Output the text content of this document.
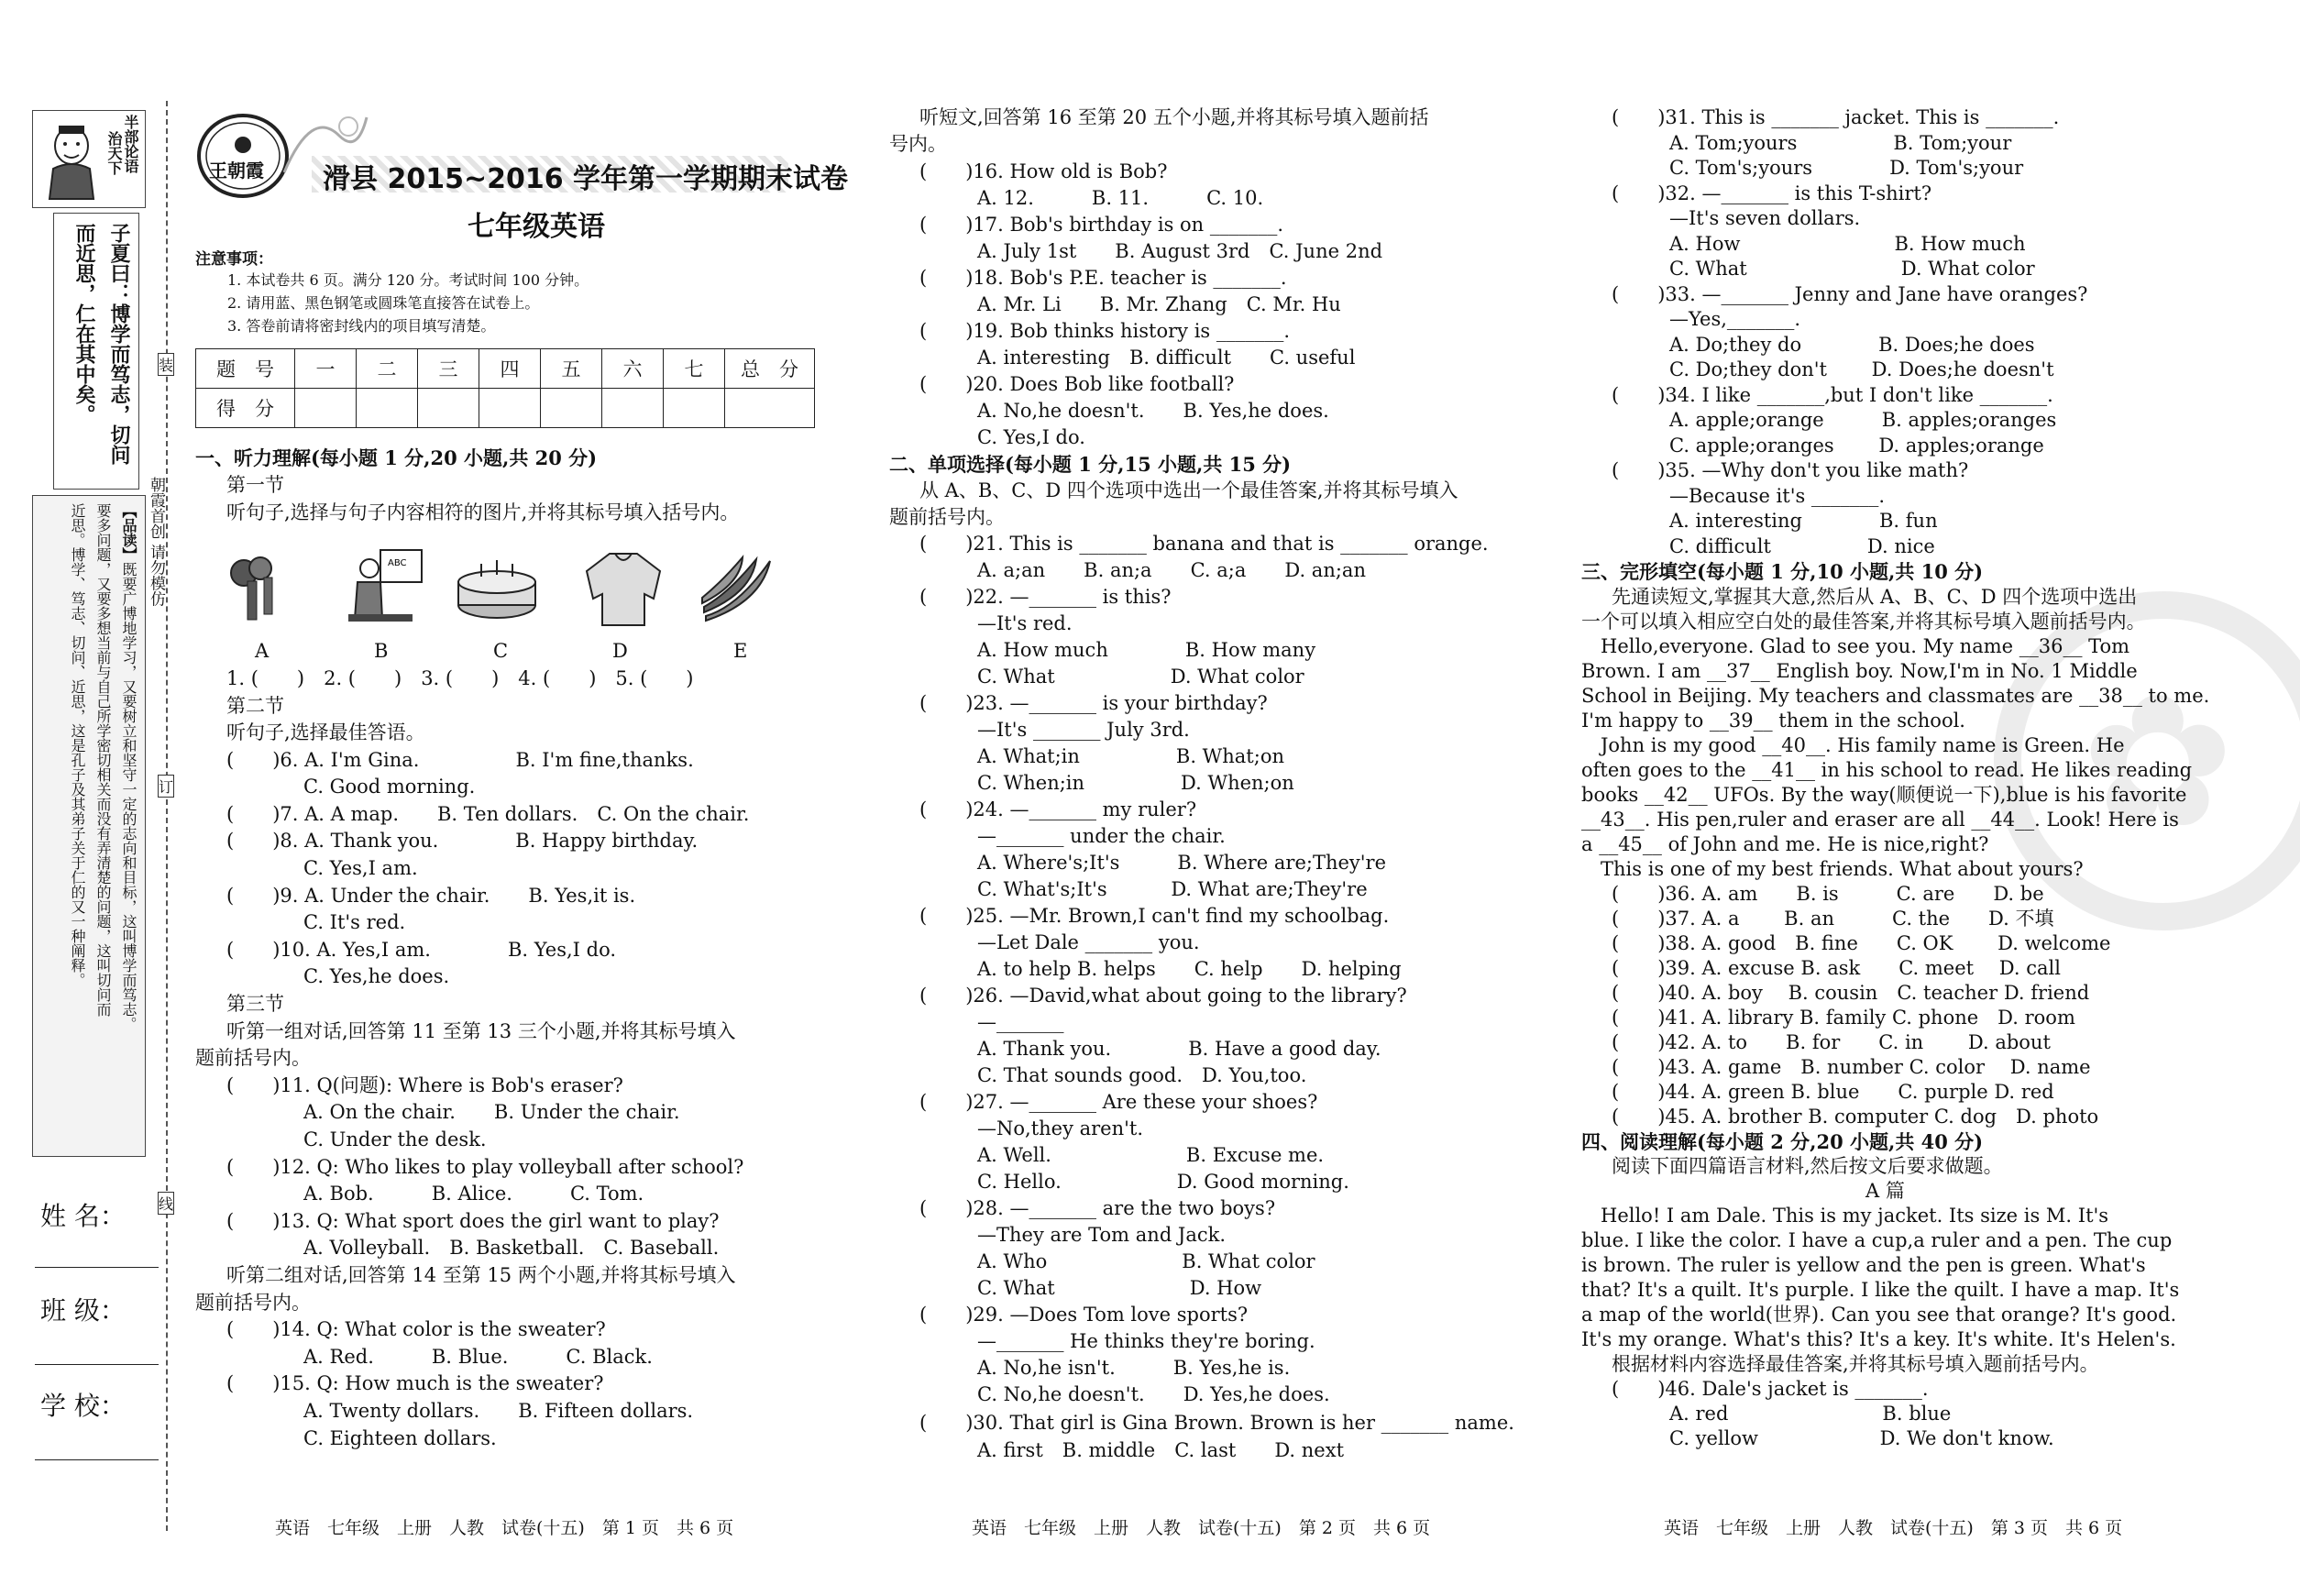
半部论语
治天下
子夏曰：博学而笃志，切问
而近思，仁在其中矣。
【品读】既要广博地学习，又要树立和坚守一定的志向和目标，这叫博学而笃志。
要多问题，又要多想当前与自己所学密切相关而没有弄清楚的问题，这叫切问而
近思。博学、笃志、切问、近思，这是孔子及其弟子关于仁的又一种阐释。	朝霞首创 请勿模仿
装
订
线
姓 名：
班 级：
学 校：
王朝霞 滑县 2015~2016 学年第一学期期末试卷
七年级英语
注意事项：
1. 本试卷共 6 页。满分 120 分。考试时间 100 分钟。
2. 请用蓝、黑色钢笔或圆珠笔直接答在试卷上。
3. 答卷前请将密封线内的项目填写清楚。
题　号	一	二	三	四	五	六	七	总　分
得　分								
一、听力理解(每小题 1 分,20 小题,共 20 分)
第一节
听句子,选择与句子内容相符的图片,并将其标号填入括号内。
ABC
A	B	C	D	E
1. (　　)　2. (　　)　3. (　　)　4. (　　)　5. (　　)
第二节
听句子,选择最佳答语。
(　　)6. A. I'm Gina.　　　　　B. I'm fine,thanks.
　　　　C. Good morning.
(　　)7. A. A map.　　B. Ten dollars.　C. On the chair.
(　　)8. A. Thank you.　　　　B. Happy birthday.
　　　　C. Yes,I am.
(　　)9. A. Under the chair.　　B. Yes,it is.
　　　　C. It's red.
(　　)10. A. Yes,I am.　　　　B. Yes,I do.
　　　　C. Yes,he does.
第三节
听第一组对话,回答第 11 至第 13 三个小题,并将其标号填入
题前括号内。
(　　)11. Q(问题): Where is Bob's eraser?
　　　　A. On the chair.　　B. Under the chair.
　　　　C. Under the desk.
(　　)12. Q: Who likes to play volleyball after school?
　　　　A. Bob.　　　B. Alice.　　　C. Tom.
(　　)13. Q: What sport does the girl want to play?
　　　　A. Volleyball.　B. Basketball.　C. Baseball.
听第二组对话,回答第 14 至第 15 两个小题,并将其标号填入
题前括号内。
(　　)14. Q: What color is the sweater?
　　　　A. Red.　　　B. Blue.　　　C. Black.
(　　)15. Q: How much is the sweater?
　　　　A. Twenty dollars.　　B. Fifteen dollars.
　　　　C. Eighteen dollars.
英语　七年级　上册　人教　试卷(十五)　第 1 页　共 6 页
听短文,回答第 16 至第 20 五个小题,并将其标号填入题前括
号内。
(　　)16. How old is Bob?
　　　A. 12.　　　B. 11.　　　C. 10.
(　　)17. Bob's birthday is on _______.
　　　A. July 1st　　B. August 3rd　C. June 2nd
(　　)18. Bob's P.E. teacher is _______.
　　　A. Mr. Li　　B. Mr. Zhang　C. Mr. Hu
(　　)19. Bob thinks history is _______.
　　　A. interesting　B. difficult　　C. useful
(　　)20. Does Bob like football?
　　　A. No,he doesn't.　　B. Yes,he does.
　　　C. Yes,I do.
二、单项选择(每小题 1 分,15 小题,共 15 分)
从 A、B、C、D 四个选项中选出一个最佳答案,并将其标号填入
题前括号内。
(　　)21. This is _______ banana and that is _______ orange.
　　　A. a;an　　B. an;a　　C. a;a　　D. an;an
(　　)22. —_______ is this?
　　　—It's red.
　　　A. How much　　　　B. How many
　　　C. What　　　　　　D. What color
(　　)23. —_______ is your birthday?
　　　—It's _______ July 3rd.
　　　A. What;in　　　　　B. What;on
　　　C. When;in　　　　　D. When;on
(　　)24. —_______ my ruler?
　　　—_______ under the chair.
　　　A. Where's;It's　　　B. Where are;They're
　　　C. What's;It's　　　 D. What are;They're
(　　)25. —Mr. Brown,I can't find my schoolbag.
　　　—Let Dale _______ you.
　　　A. to help B. helps　　C. help　　D. helping
(　　)26. —David,what about going to the library?
　　　—_______
　　　A. Thank you.　　　　B. Have a good day.
　　　C. That sounds good.　D. You,too.
(　　)27. —_______ Are these your shoes?
　　　—No,they aren't.
　　　A. Well.　　　　　　　B. Excuse me.
　　　C. Hello.　　　　　　D. Good morning.
(　　)28. —_______ are the two boys?
　　　—They are Tom and Jack.
　　　A. Who　　　　　　　B. What color
　　　C. What　　　　　　　D. How
(　　)29. —Does Tom love sports?
　　　—_______ He thinks they're boring.
　　　A. No,he isn't.　　　B. Yes,he is.
　　　C. No,he doesn't.　　D. Yes,he does.
(　　)30. That girl is Gina Brown. Brown is her _______ name.
　　　A. first　B. middle　C. last　　D. next
英语　七年级　上册　人教　试卷(十五)　第 2 页　共 6 页
✿
(　　)31. This is _______ jacket. This is _______.
　　　A. Tom;yours　　　　　B. Tom;your
　　　C. Tom's;yours　　　　D. Tom's;your
(　　)32. —_______ is this T-shirt?
　　　—It's seven dollars.
　　　A. How　　　　　　　　B. How much
　　　C. What　　　　　　　　D. What color
(　　)33. —_______ Jenny and Jane have oranges?
　　　—Yes,_______.
　　　A. Do;they do　　　　B. Does;he does
　　　C. Do;they don't　　 D. Does;he doesn't
(　　)34. I like _______,but I don't like _______.
　　　A. apple;orange　　　B. apples;oranges
　　　C. apple;oranges　　 D. apples;orange
(　　)35. —Why don't you like math?
　　　—Because it's _______.
　　　A. interesting　　　　B. fun
　　　C. difficult　　　　　D. nice
三、完形填空(每小题 1 分,10 小题,共 10 分)
先通读短文,掌握其大意,然后从 A、B、C、D 四个选项中选出
一个可以填入相应空白处的最佳答案,并将其标号填入题前括号内。
　Hello,everyone. Glad to see you. My name __36__ Tom
Brown. I am __37__ English boy. Now,I'm in No. 1 Middle
School in Beijing. My teachers and classmates are __38__ to me.
I'm happy to __39__ them in the school.
　John is my good __40__. His family name is Green. He
often goes to the __41__ in his school to read. He likes reading
books __42__ UFOs. By the way(顺便说一下),blue is his favorite
__43__. His pen,ruler and eraser are all __44__. Look! Here is
a __45__ of John and me. He is nice,right?
　This is one of my best friends. What about yours?
(　　)36. A. am　　B. is　　　C. are　　D. be
(　　)37. A. a　　 B. an　　　C. the　　D. 不填
(　　)38. A. good　B. fine　　C. OK　　 D. welcome
(　　)39. A. excuse B. ask　　C. meet　 D. call
(　　)40. A. boy　 B. cousin　C. teacher D. friend
(　　)41. A. library B. family C. phone　D. room
(　　)42. A. to　　B. for　　C. in　　 D. about
(　　)43. A. game　B. number C. color　 D. name
(　　)44. A. green B. blue　　C. purple D. red
(　　)45. A. brother B. computer C. dog　D. photo
四、阅读理解(每小题 2 分,20 小题,共 40 分)
阅读下面四篇语言材料,然后按文后要求做题。
A 篇
　Hello! I am Dale. This is my jacket. Its size is M. It's
blue. I like the color. I have a cup,a ruler and a pen. The cup
is brown. The ruler is yellow and the pen is green. What's
that? It's a quilt. It's purple. I like the quilt. I have a map. It's
a map of the world(世界). Can you see that orange? It's good.
It's my orange. What's this? It's a key. It's white. It's Helen's.
根据材料内容选择最佳答案,并将其标号填入题前括号内。
(　　)46. Dale's jacket is _______.
　　　A. red　　　　　　　　B. blue
　　　C. yellow　　　　　　 D. We don't know.
英语　七年级　上册　人教　试卷(十五)　第 3 页　共 6 页
